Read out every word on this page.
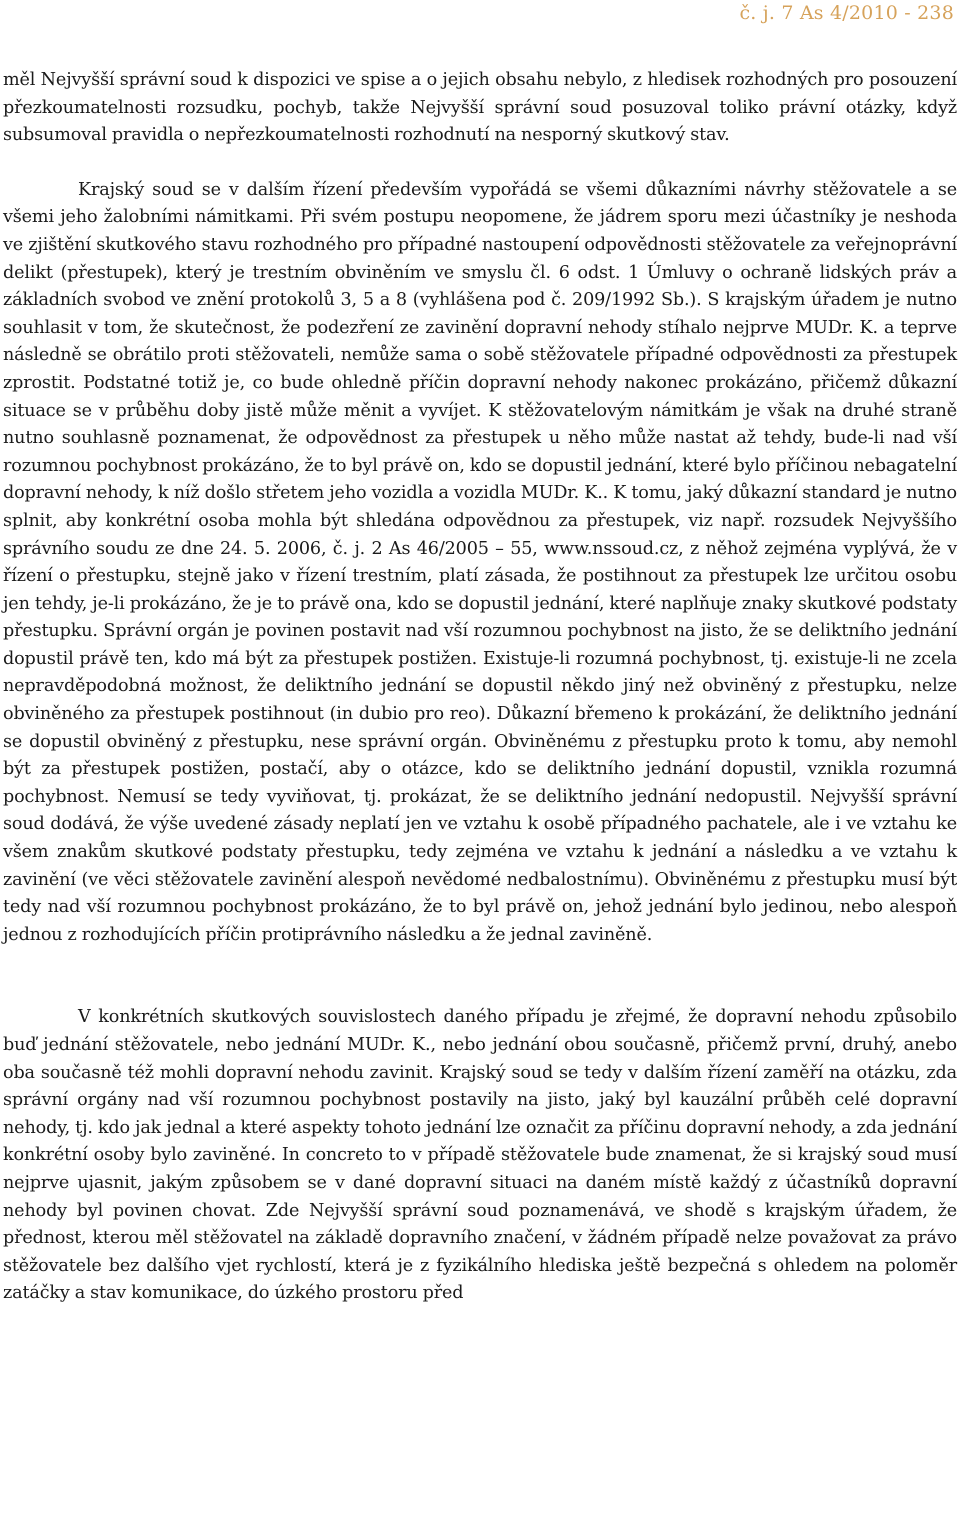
č. j. 7 As 4/2010 - 238

měl Nejvyšší správní soud k dispozici ve spise a o jejich obsahu nebylo, z hledisek rozhodných pro posouzení přezkoumatelnosti rozsudku, pochyb, takže Nejvyšší správní soud posuzoval toliko právní otázky, když subsumoval pravidla o nepřezkoumatelnosti rozhodnutí na nesporný skutkový stav.

Krajský soud se v dalším řízení především vypořádá se všemi důkazními návrhy stěžovatele a se všemi jeho žalobními námitkami. Při svém postupu neopomene, že jádrem sporu mezi účastníky je neshoda ve zjištění skutkového stavu rozhodného pro případné nastoupení odpovědnosti stěžovatele za veřejnoprávní delikt (přestupek), který je trestním obviněním ve smyslu čl. 6 odst. 1 Úmluvy o ochraně lidských práv a základních svobod ve znění protokolů 3, 5 a 8 (vyhlášena pod č. 209/1992 Sb.). S krajským úřadem je nutno souhlasit v tom, že skutečnost, že podezření ze zavinění dopravní nehody stíhalo nejprve MUDr. K. a teprve následně se obrátilo proti stěžovateli, nemůže sama o sobě stěžovatele případné odpovědnosti za přestupek zprostit. Podstatné totiž je, co bude ohledně příčin dopravní nehody nakonec prokázáno, přičemž důkazní situace se v průběhu doby jistě může měnit a vyvíjet. K stěžovatelovým námitkám je však na druhé straně nutno souhlasně poznamenat, že odpovědnost za přestupek u něho může nastat až tehdy, bude-li nad vší rozumnou pochybnost prokázáno, že to byl právě on, kdo se dopustil jednání, které bylo příčinou nebagatelní dopravní nehody, k níž došlo střetem jeho vozidla a vozidla MUDr. K.. K tomu, jaký důkazní standard je nutno splnit, aby konkrétní osoba mohla být shledána odpovědnou za přestupek, viz např. rozsudek Nejvyššího správního soudu ze dne 24. 5. 2006, č. j. 2 As 46/2005 – 55, www.nssoud.cz, z něhož zejména vyplývá, že v řízení o přestupku, stejně jako v řízení trestním, platí zásada, že postihnout za přestupek lze určitou osobu jen tehdy, je-li prokázáno, že je to právě ona, kdo se dopustil jednání, které naplňuje znaky skutkové podstaty přestupku. Správní orgán je povinen postavit nad vší rozumnou pochybnost na jisto, že se deliktního jednání dopustil právě ten, kdo má být za přestupek postižen. Existuje-li rozumná pochybnost, tj. existuje-li ne zcela nepravděpodobná možnost, že deliktního jednání se dopustil někdo jiný než obviněný z přestupku, nelze obviněného za přestupek postihnout (in dubio pro reo). Důkazní břemeno k prokázání, že deliktního jednání se dopustil obviněný z přestupku, nese správní orgán. Obviněnému z přestupku proto k tomu, aby nemohl být za přestupek postižen, postačí, aby o otázce, kdo se deliktního jednání dopustil, vznikla rozumná pochybnost. Nemusí se tedy vyviňovat, tj. prokázat, že se deliktního jednání nedopustil. Nejvyšší správní soud dodává, že výše uvedené zásady neplatí jen ve vztahu k osobě případného pachatele, ale i ve vztahu ke všem znakům skutkové podstaty přestupku, tedy zejména ve vztahu k jednání a následku a ve vztahu k zavinění (ve věci stěžovatele zavinění alespoň nevědomé nedbalostnímu). Obviněnému z přestupku musí být tedy nad vší rozumnou pochybnost prokázáno, že to byl právě on, jehož jednání bylo jedinou, nebo alespoň jednou z rozhodujících příčin protiprávního následku a že jednal zaviněně.

V konkrétních skutkových souvislostech daného případu je zřejmé, že dopravní nehodu způsobilo buď jednání stěžovatele, nebo jednání MUDr. K., nebo jednání obou současně, přičemž první, druhý, anebo oba současně též mohli dopravní nehodu zavinit. Krajský soud se tedy v dalším řízení zaměří na otázku, zda správní orgány nad vší rozumnou pochybnost postavily na jisto, jaký byl kauzální průběh celé dopravní nehody, tj. kdo jak jednal a které aspekty tohoto jednání lze označit za příčinu dopravní nehody, a zda jednání konkrétní osoby bylo zaviněné. In concreto to v případě stěžovatele bude znamenat, že si krajský soud musí nejprve ujasnit, jakým způsobem se v dané dopravní situaci na daném místě každý z účastníků dopravní nehody byl povinen chovat. Zde Nejvyšší správní soud poznamenává, ve shodě s krajským úřadem, že přednost, kterou měl stěžovatel na základě dopravního značení, v žádném případě nelze považovat za právo stěžovatele bez dalšího vjet rychlostí, která je z fyzikálního hlediska ještě bezpečná s ohledem na poloměr zatáčky a stav komunikace, do úzkého prostoru před
